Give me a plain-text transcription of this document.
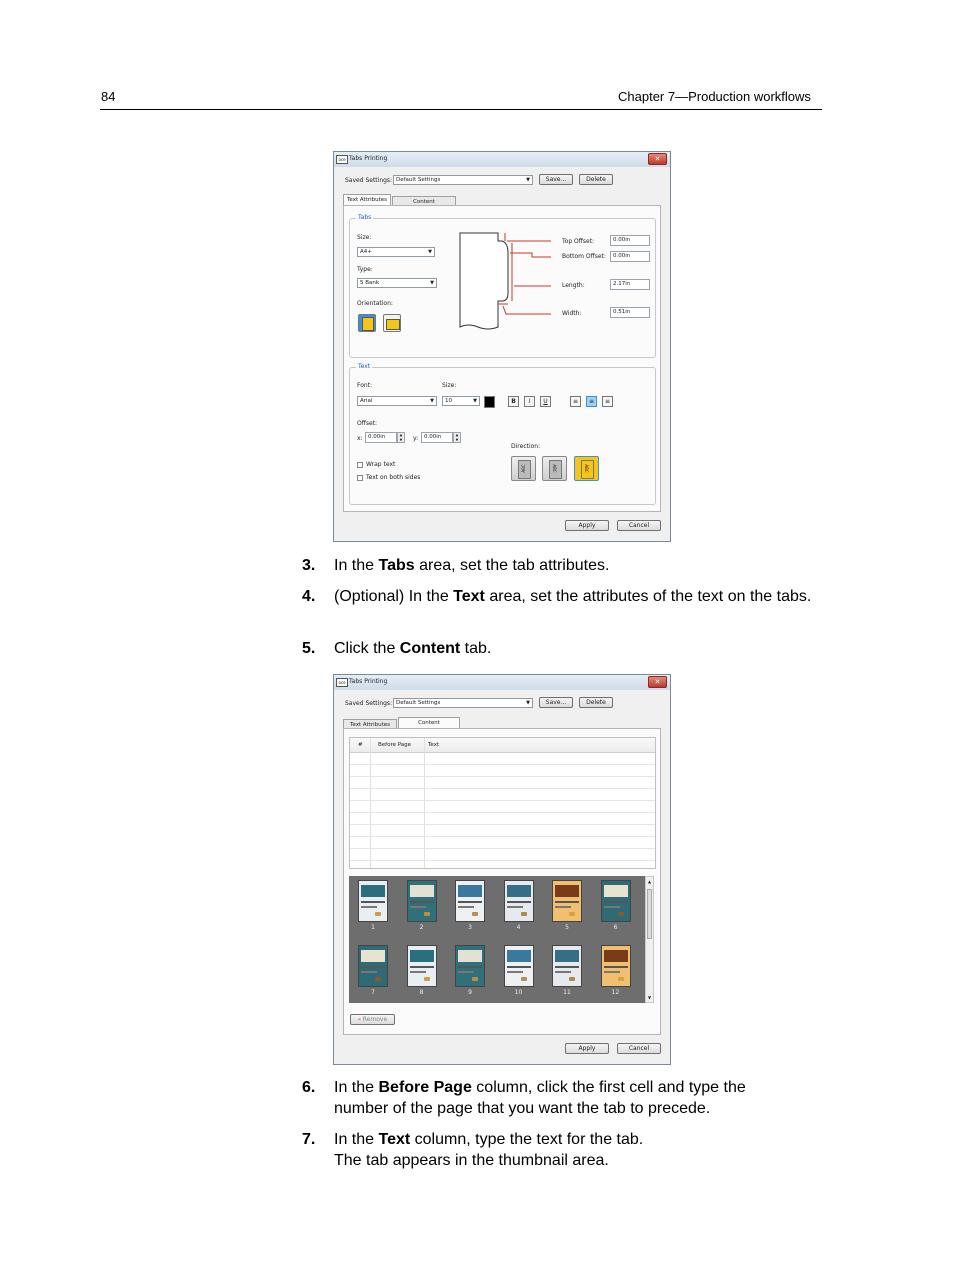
84	Chapter 7—Production workflows
oce Tabs Printing	✕
Saved Settings: Default Settings	▼	Save...	Delete
Text Attributes	Content
Tabs
Size:
A4+	▼
Type:
5 Bank	▼
Orientation:
Top Offset:	0.00in
Bottom Offset:	0.00in
Length:	2.17in
Width:	0.51in
Text
Font:
Arial	▼
Size:
10	▼	B	I	U	≡	≡	≡
Offset:
x: 0.00in	▲
▼	y:	0.00in	▲
▼
Wrap text
Text on both sides
Direction:
ABC	ABC	ABC
Apply	Cancel
3. In the Tabs area, set the tab attributes.
4. (Optional) In the Text area, set the attributes of the text on the tabs.
5. Click the Content tab.
oce Tabs Printing	✕
Saved Settings: Default Settings	▼	Save...	Delete
Text Attributes	Content
#	Before Page	Text
1	2	3	4	5	6
7	8	9	10	11	12
▲
▼
– Remove
Apply	Cancel
6. In the Before Page column, click the first cell and type the number of the page that you want the tab to precede.
7. In the Text column, type the text for the tab.
The tab appears in the thumbnail area.
